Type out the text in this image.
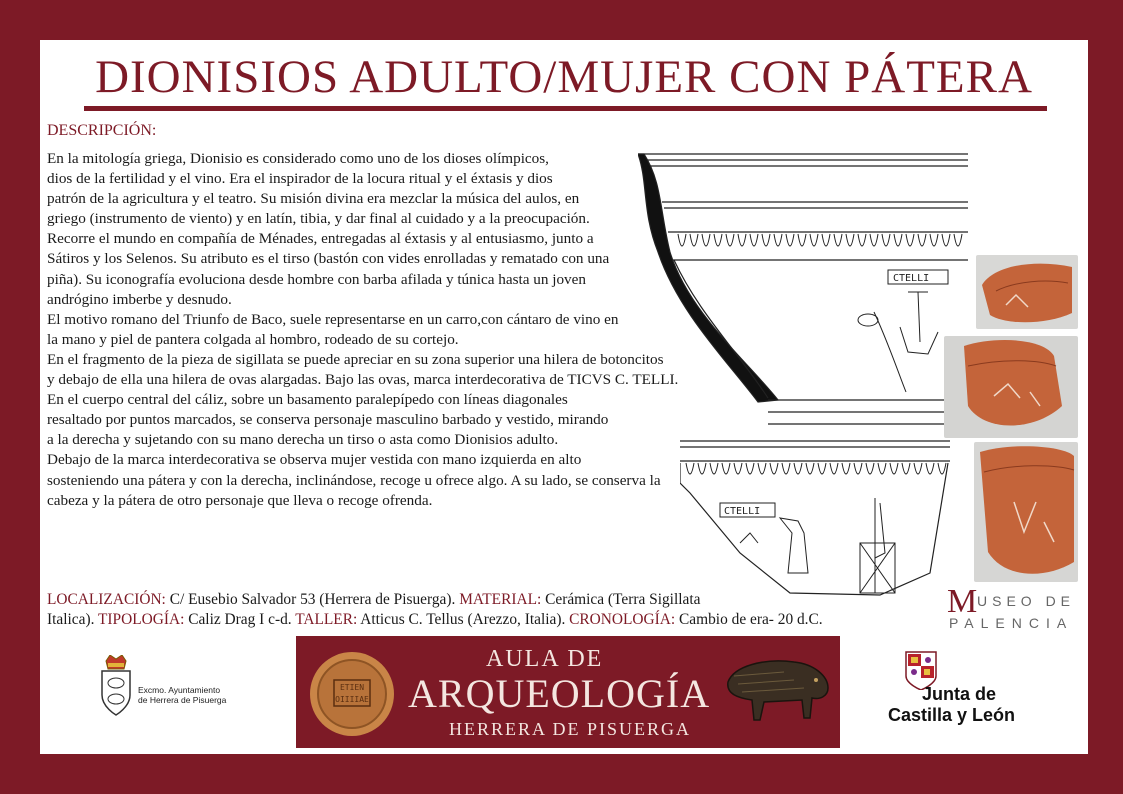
DIONISIOS ADULTO/MUJER CON PÁTERA
DESCRIPCIÓN:
En la mitología griega, Dionisio es considerado como uno de los dioses olímpicos,
dios de la fertilidad y el vino. Era el inspirador de la locura ritual y el éxtasis y dios
patrón de la agricultura y el teatro. Su misión divina era mezclar la música del aulos, en
griego (instrumento de viento) y en latín, tibia, y dar final al cuidado y a la preocupación.
Recorre el mundo en compañía de Ménades, entregadas al éxtasis y al entusiasmo, junto a
Sátiros y los Selenos. Su atributo es el tirso (bastón con vides enrolladas y rematado con una
piña). Su iconografía evoluciona desde hombre con barba afilada y túnica hasta un joven
andrógino imberbe y desnudo.
El motivo romano del Triunfo de Baco, suele representarse en un carro,con cántaro de vino en
la mano y piel de pantera colgada al hombro, rodeado de su cortejo.
En el fragmento de la pieza de sigillata se puede apreciar en su zona superior una hilera de botoncitos
y debajo de ella una hilera de ovas alargadas. Bajo las ovas, marca interdecorativa de TICVS C. TELLI.
En el cuerpo central del cáliz, sobre un basamento paralepípedo con líneas diagonales
resaltado por puntos marcados, se conserva personaje masculino barbado y vestido, mirando
a la derecha y sujetando con su mano derecha un tirso o asta como Dionisios adulto.
Debajo de la marca interdecorativa se observa mujer vestida con mano izquierda en alto
sosteniendo una pátera y con la derecha, inclinándose, recoge u ofrece algo. A su lado, se conserva la
cabeza y la pátera de otro personaje que lleva o recoge ofrenda.
LOCALIZACIÓN: C/ Eusebio Salvador 53 (Herrera de Pisuerga). MATERIAL: Cerámica (Terra Sigillata
Italica). TIPOLOGÍA: Caliz Drag I c-d. TALLER: Atticus C. Tellus (Arezzo, Italia). CRONOLOGÍA: Cambio de era- 20 d.C.
CTELLI
CTELLI
M USEO DE
PALENCIA
Excmo. Ayuntamiento
de Herrera de Pisuerga
ETIEN
OIIIIAE
AULA DE
ARQUEOLOGÍA
HERRERA DE PISUERGA
Junta de
Castilla y León
